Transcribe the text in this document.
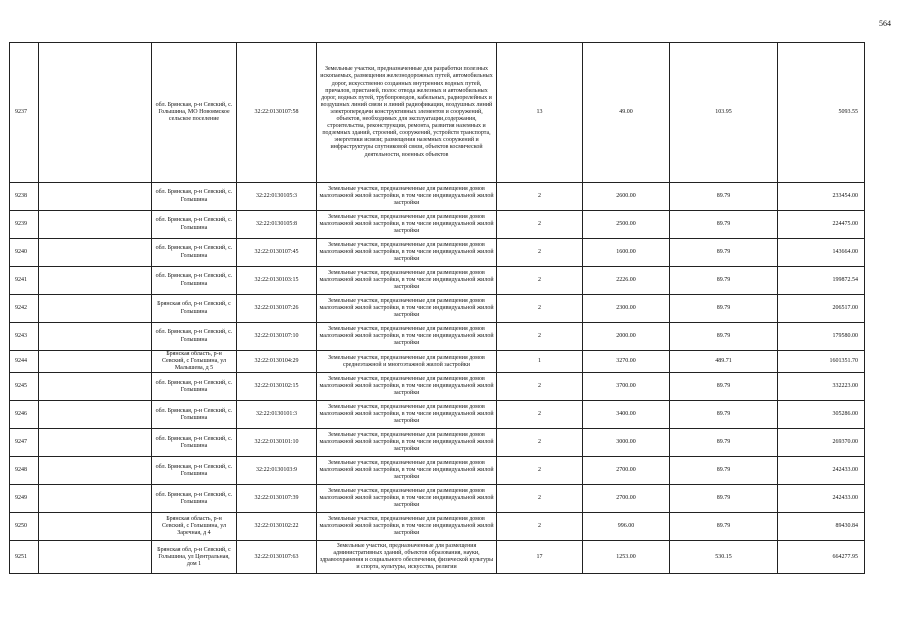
564
9237		обл. Брянская, р-н Севский, с. Голышина, МО Новоямское сельское поселение	32:22:0130107:58	Земельные участки, предназначенные для разработки полезных ископаемых, размещения железнодорожных путей, автомобильных дорог, искусственно созданных внутренних водных путей, причалов, пристаней, полос отвода железных и автомобильных дорог, водных путей, трубопроводов, кабельных, радиорелейных и воздушных линий связи и линий радиофикации, воздушных линий электропередачи конструктивных элементов и сооружений, объектов, необходимых для эксплуатации,содержания, строительства, реконструкции, ремонта, развития наземных и подземных зданий, строений, сооружений, устройств транспорта, энергетики исвязи; размещения наземных сооружений и инфраструктуры спутниковой связи, объектов космической деятельности, военных объектов	13	49.00	103.95	5093.55
9238		обл. Брянская, р-н Севский, с. Голышина	32:22:0130105:3	Земельные участки, предназначенные для размещения домов малоэтажной жилой застройки, в том числе индивидуальной жилой застройки	2	2600.00	89.79	233454.00
9239		обл. Брянская, р-н Севский, с. Голышина	32:22:0130105:8	Земельные участки, предназначенные для размещения домов малоэтажной жилой застройки, в том числе индивидуальной жилой застройки	2	2500.00	89.79	224475.00
9240		обл. Брянская, р-н Севский, с. Голышина	32:22:0130107:45	Земельные участки, предназначенные для размещения домов малоэтажной жилой застройки, в том числе индивидуальной жилой застройки	2	1600.00	89.79	143664.00
9241		обл. Брянская, р-н Севский, с. Голышина	32:22:0130103:15	Земельные участки, предназначенные для размещения домов малоэтажной жилой застройки, в том числе индивидуальной жилой застройки	2	2226.00	89.79	199872.54
9242		Брянская обл, р-н Севский, с Голышина	32:22:0130107:26	Земельные участки, предназначенные для размещения домов малоэтажной жилой застройки, в том числе индивидуальной жилой застройки	2	2300.00	89.79	206517.00
9243		обл. Брянская, р-н Севский, с. Голышина	32:22:0130107:10	Земельные участки, предназначенные для размещения домов малоэтажной жилой застройки, в том числе индивидуальной жилой застройки	2	2000.00	89.79	179580.00
9244		Брянская область, р-н Севский, с Голышина, ул Малышева, д 5	32:22:0130104:29	Земельные участки, предназначенные для размещения домов среднеэтажной и многоэтажной жилой застройки	1	3270.00	489.71	1601351.70
9245		обл. Брянская, р-н Севский, с. Голышина	32:22:0130102:15	Земельные участки, предназначенные для размещения домов малоэтажной жилой застройки, в том числе индивидуальной жилой застройки	2	3700.00	89.79	332223.00
9246		обл. Брянская, р-н Севский, с. Голышина	32:22:0130101:3	Земельные участки, предназначенные для размещения домов малоэтажной жилой застройки, в том числе индивидуальной жилой застройки	2	3400.00	89.79	305286.00
9247		обл. Брянская, р-н Севский, с. Голышина	32:22:0130101:10	Земельные участки, предназначенные для размещения домов малоэтажной жилой застройки, в том числе индивидуальной жилой застройки	2	3000.00	89.79	269370.00
9248		обл. Брянская, р-н Севский, с. Голышина	32:22:0130103:9	Земельные участки, предназначенные для размещения домов малоэтажной жилой застройки, в том числе индивидуальной жилой застройки	2	2700.00	89.79	242433.00
9249		обл. Брянская, р-н Севский, с. Голышина	32:22:0130107:39	Земельные участки, предназначенные для размещения домов малоэтажной жилой застройки, в том числе индивидуальной жилой застройки	2	2700.00	89.79	242433.00
9250		Брянская область, р-н Севский, с Голышина, ул Заречная, д 4	32:22:0130102:22	Земельные участки, предназначенные для размещения домов малоэтажной жилой застройки, в том числе индивидуальной жилой застройки	2	996.00	89.79	89430.84
9251		Брянская обл, р-н Севский, с Голышина, ул Центральная, дом 1	32:22:0130107:63	Земельные участки, предназначенные для размещения административных зданий, объектов образования, науки, здравоохранения и социального обеспечения, физической культуры и спорта, культуры, искусства, религии	17	1253.00	530.15	664277.95
